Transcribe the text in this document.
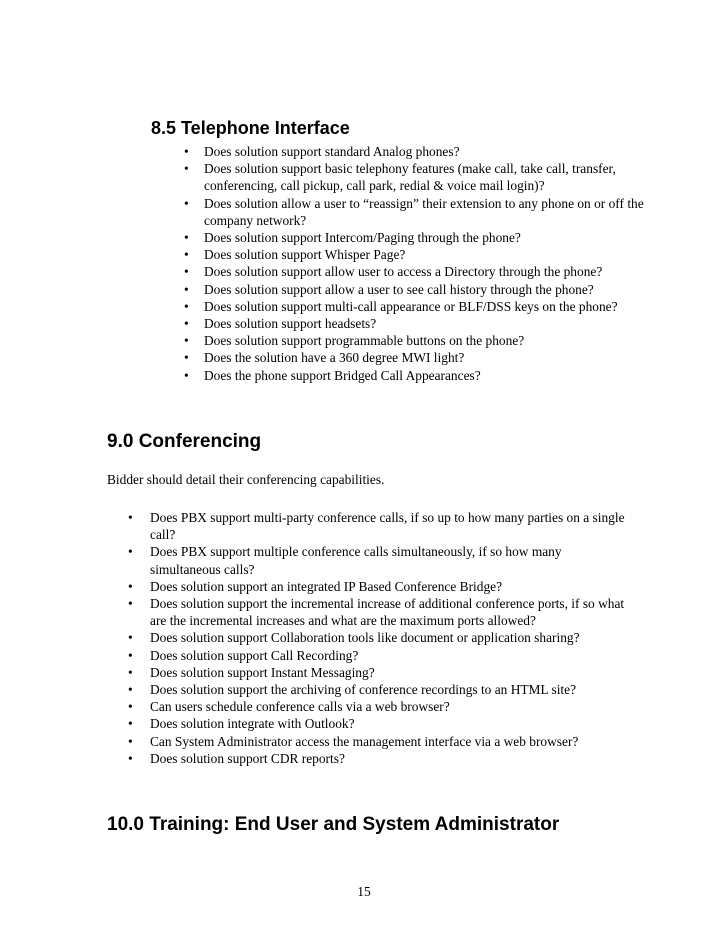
8.5 Telephone Interface
•	Does solution support standard Analog phones?
•	Does solution support basic telephony features (make call, take call, transfer, conferencing, call pickup, call park, redial & voice mail login)?
•	Does solution allow a user to “reassign” their extension to any phone on or off the company network?
•	Does solution support Intercom/Paging through the phone?
•	Does solution support Whisper Page?
•	Does solution support allow user to access a Directory through the phone?
•	Does solution support allow a user to see call history through the phone?
•	Does solution support multi-call appearance or BLF/DSS keys on the phone?
•	Does solution support headsets?
•	Does solution support programmable buttons on the phone?
•	Does the solution have a 360 degree MWI light?
•	Does the phone support Bridged Call Appearances?
9.0 Conferencing
Bidder should detail their conferencing capabilities.
•	Does PBX support multi-party conference calls, if so up to how many parties on a single call?
•	Does PBX support multiple conference calls simultaneously, if so how many simultaneous calls?
•	Does solution support an integrated IP Based Conference Bridge?
•	Does solution support the incremental increase of additional conference ports, if so what are the incremental increases and what are the maximum ports allowed?
•	Does solution support Collaboration tools like document or application sharing?
•	Does solution support Call Recording?
•	Does solution support Instant Messaging?
•	Does solution support the archiving of conference recordings to an HTML site?
•	Can users schedule conference calls via a web browser?
•	Does solution integrate with Outlook?
•	Can System Administrator access the management interface via a web browser?
•	Does solution support CDR reports?
10.0 Training: End User and System Administrator
15
